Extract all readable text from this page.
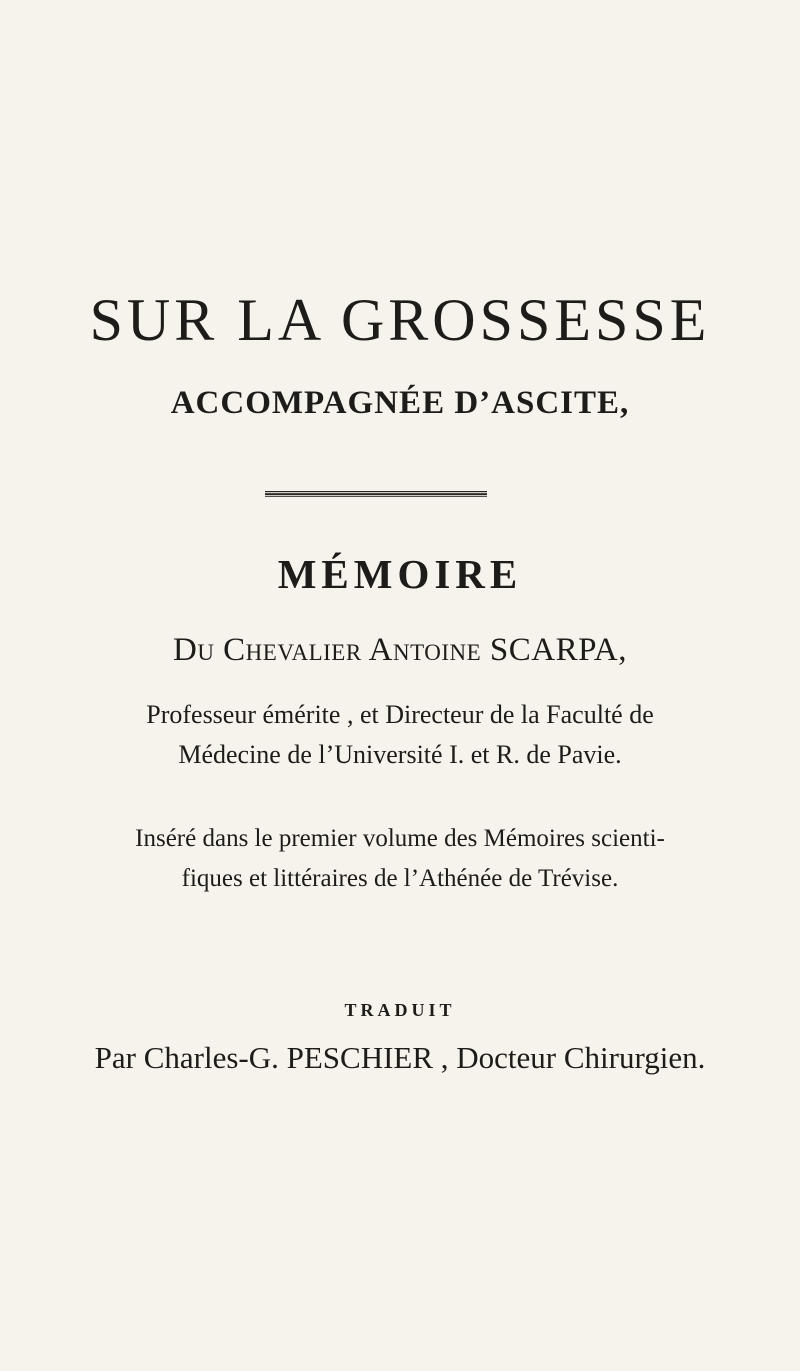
SUR LA GROSSESSE
ACCOMPAGNÉE D’ASCITE,
MÉMOIRE
Du Chevalier Antoine SCARPA,
Professeur émérite , et Directeur de la Faculté de
Médecine de l’Université I. et R. de Pavie.
Inséré dans le premier volume des Mémoires scienti-
fiques et littéraires de l’Athénée de Trévise.
TRADUIT
Par Charles-G. PESCHIER , Docteur Chirurgien.
